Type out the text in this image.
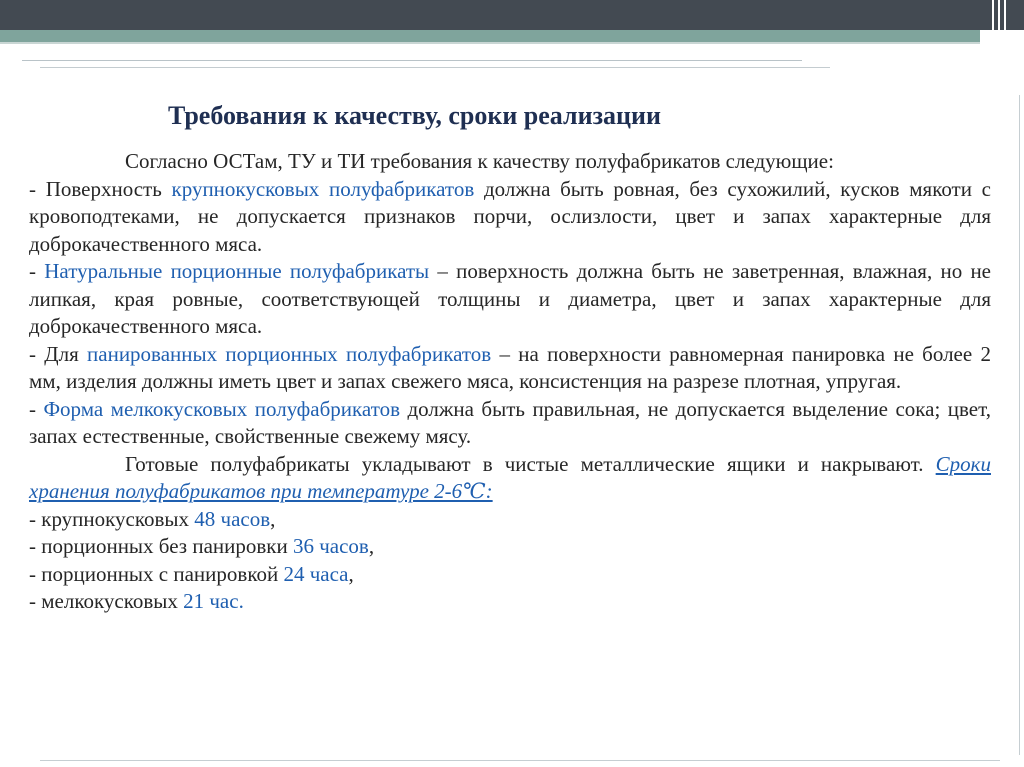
Требования к качеству, сроки реализации

Согласно ОСТам, ТУ и ТИ требования к качеству полуфабрикатов следующие:

- Поверхность крупнокусковых полуфабрикатов должна быть ровная, без сухожилий, кусков мякоти с кровоподтеками, не допускается признаков порчи, ослизлости, цвет и запах характерные для доброкачественного мяса.

- Натуральные порционные полуфабрикаты – поверхность должна быть не заветренная, влажная, но не липкая, края ровные, соответствующей толщины и диаметра, цвет и запах характерные для доброкачественного мяса.

- Для панированных порционных полуфабрикатов – на поверхности равномерная панировка не более 2 мм, изделия должны иметь цвет и запах свежего мяса, консистенция на разрезе плотная, упругая.

- Форма мелкокусковых полуфабрикатов должна быть правильная, не допускается выделение сока; цвет, запах естественные, свойственные свежему мясу.

Готовые полуфабрикаты укладывают в чистые металлические ящики и накрывают. Сроки хранения полуфабрикатов при температуре 2-6℃:

- крупнокусковых 48 часов,

- порционных без панировки 36 часов,

- порционных с панировкой 24 часа,

- мелкокусковых 21 час.
